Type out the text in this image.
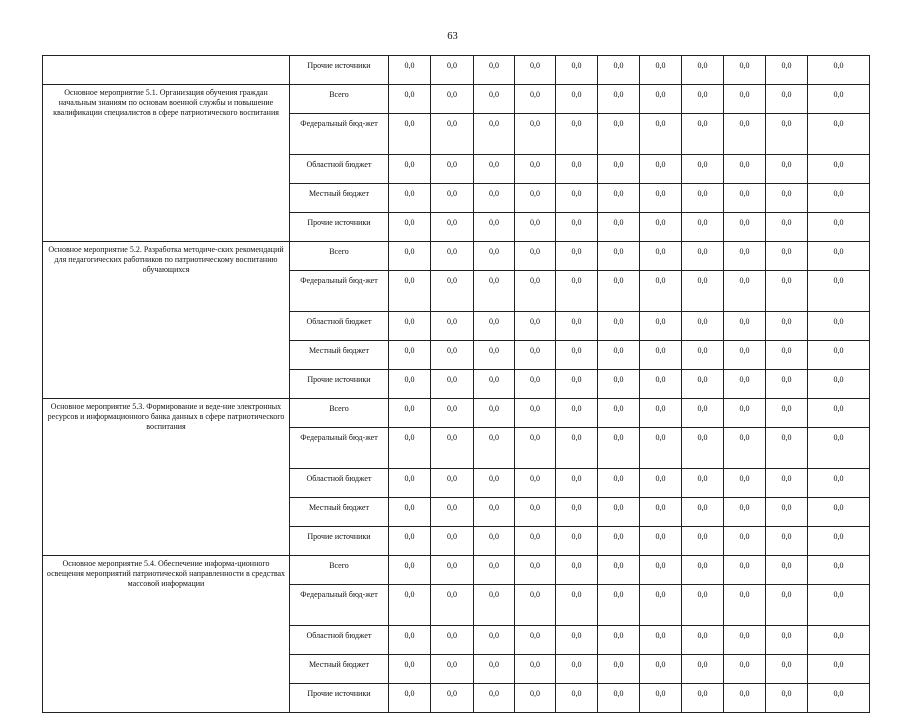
63
	Прочие источники	0,0	0,0	0,0	0,0	0,0	0,0	0,0	0,0	0,0	0,0	0,0
Основное мероприятие 5.1. Организация обучения граждан начальным знаниям по основам военной службы и повышение квалификации специалистов в сфере патриотического воспитания	Всего	0,0	0,0	0,0	0,0	0,0	0,0	0,0	0,0	0,0	0,0	0,0
	Федеральный бюд-жет	0,0	0,0	0,0	0,0	0,0	0,0	0,0	0,0	0,0	0,0	0,0
	Областной бюджет	0,0	0,0	0,0	0,0	0,0	0,0	0,0	0,0	0,0	0,0	0,0
	Местный бюджет	0,0	0,0	0,0	0,0	0,0	0,0	0,0	0,0	0,0	0,0	0,0
	Прочие источники	0,0	0,0	0,0	0,0	0,0	0,0	0,0	0,0	0,0	0,0	0,0
Основное мероприятие 5.2. Разработка методиче-ских рекомендаций для педагогических работников по патриотическому воспитанию обучающихся	Всего	0,0	0,0	0,0	0,0	0,0	0,0	0,0	0,0	0,0	0,0	0,0
	Федеральный бюд-жет	0,0	0,0	0,0	0,0	0,0	0,0	0,0	0,0	0,0	0,0	0,0
	Областной бюджет	0,0	0,0	0,0	0,0	0,0	0,0	0,0	0,0	0,0	0,0	0,0
	Местный бюджет	0,0	0,0	0,0	0,0	0,0	0,0	0,0	0,0	0,0	0,0	0,0
	Прочие источники	0,0	0,0	0,0	0,0	0,0	0,0	0,0	0,0	0,0	0,0	0,0
Основное мероприятие 5.3. Формирование и веде-ние электронных ресурсов и информационного банка данных в сфере патриотического воспитания	Всего	0,0	0,0	0,0	0,0	0,0	0,0	0,0	0,0	0,0	0,0	0,0
	Федеральный бюд-жет	0,0	0,0	0,0	0,0	0,0	0,0	0,0	0,0	0,0	0,0	0,0
	Областной бюджет	0,0	0,0	0,0	0,0	0,0	0,0	0,0	0,0	0,0	0,0	0,0
	Местный бюджет	0,0	0,0	0,0	0,0	0,0	0,0	0,0	0,0	0,0	0,0	0,0
	Прочие источники	0,0	0,0	0,0	0,0	0,0	0,0	0,0	0,0	0,0	0,0	0,0
Основное мероприятие 5.4. Обеспечение информа-ционного освещения мероприятий патриотической направленности в средствах массовой информации	Всего	0,0	0,0	0,0	0,0	0,0	0,0	0,0	0,0	0,0	0,0	0,0
	Федеральный бюд-жет	0,0	0,0	0,0	0,0	0,0	0,0	0,0	0,0	0,0	0,0	0,0
	Областной бюджет	0,0	0,0	0,0	0,0	0,0	0,0	0,0	0,0	0,0	0,0	0,0
	Местный бюджет	0,0	0,0	0,0	0,0	0,0	0,0	0,0	0,0	0,0	0,0	0,0
	Прочие источники	0,0	0,0	0,0	0,0	0,0	0,0	0,0	0,0	0,0	0,0	0,0
